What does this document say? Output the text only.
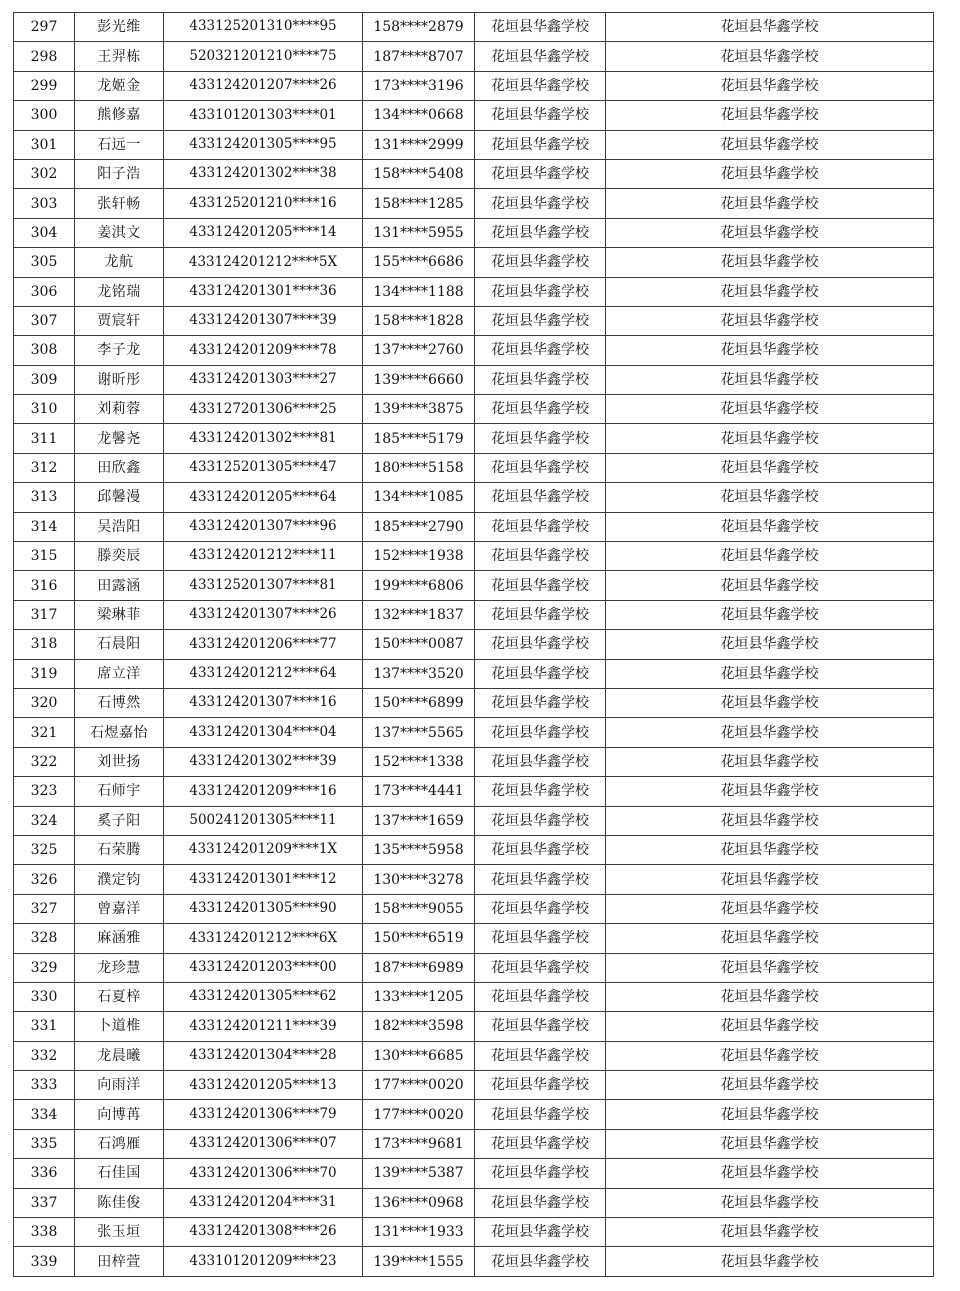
297	彭光维	433125201310****95	158****2879	花垣县华鑫学校	花垣县华鑫学校
298	王羿栋	520321201210****75	187****8707	花垣县华鑫学校	花垣县华鑫学校
299	龙姬金	433124201207****26	173****3196	花垣县华鑫学校	花垣县华鑫学校
300	熊修嘉	433101201303****01	134****0668	花垣县华鑫学校	花垣县华鑫学校
301	石远一	433124201305****95	131****2999	花垣县华鑫学校	花垣县华鑫学校
302	阳子浩	433124201302****38	158****5408	花垣县华鑫学校	花垣县华鑫学校
303	张轩畅	433125201210****16	158****1285	花垣县华鑫学校	花垣县华鑫学校
304	姜淇文	433124201205****14	131****5955	花垣县华鑫学校	花垣县华鑫学校
305	龙航	433124201212****5X	155****6686	花垣县华鑫学校	花垣县华鑫学校
306	龙铭瑞	433124201301****36	134****1188	花垣县华鑫学校	花垣县华鑫学校
307	贾宸轩	433124201307****39	158****1828	花垣县华鑫学校	花垣县华鑫学校
308	李子龙	433124201209****78	137****2760	花垣县华鑫学校	花垣县华鑫学校
309	谢昕彤	433124201303****27	139****6660	花垣县华鑫学校	花垣县华鑫学校
310	刘莉蓉	433127201306****25	139****3875	花垣县华鑫学校	花垣县华鑫学校
311	龙馨尧	433124201302****81	185****5179	花垣县华鑫学校	花垣县华鑫学校
312	田欣鑫	433125201305****47	180****5158	花垣县华鑫学校	花垣县华鑫学校
313	邱馨漫	433124201205****64	134****1085	花垣县华鑫学校	花垣县华鑫学校
314	吴浩阳	433124201307****96	185****2790	花垣县华鑫学校	花垣县华鑫学校
315	滕奕辰	433124201212****11	152****1938	花垣县华鑫学校	花垣县华鑫学校
316	田露涵	433125201307****81	199****6806	花垣县华鑫学校	花垣县华鑫学校
317	梁琳菲	433124201307****26	132****1837	花垣县华鑫学校	花垣县华鑫学校
318	石晨阳	433124201206****77	150****0087	花垣县华鑫学校	花垣县华鑫学校
319	席立洋	433124201212****64	137****3520	花垣县华鑫学校	花垣县华鑫学校
320	石博然	433124201307****16	150****6899	花垣县华鑫学校	花垣县华鑫学校
321	石煜嘉怡	433124201304****04	137****5565	花垣县华鑫学校	花垣县华鑫学校
322	刘世扬	433124201302****39	152****1338	花垣县华鑫学校	花垣县华鑫学校
323	石师宇	433124201209****16	173****4441	花垣县华鑫学校	花垣县华鑫学校
324	奚子阳	500241201305****11	137****1659	花垣县华鑫学校	花垣县华鑫学校
325	石荣腾	433124201209****1X	135****5958	花垣县华鑫学校	花垣县华鑫学校
326	濮定钧	433124201301****12	130****3278	花垣县华鑫学校	花垣县华鑫学校
327	曾嘉洋	433124201305****90	158****9055	花垣县华鑫学校	花垣县华鑫学校
328	麻涵雅	433124201212****6X	150****6519	花垣县华鑫学校	花垣县华鑫学校
329	龙珍慧	433124201203****00	187****6989	花垣县华鑫学校	花垣县华鑫学校
330	石夏梓	433124201305****62	133****1205	花垣县华鑫学校	花垣县华鑫学校
331	卜道椎	433124201211****39	182****3598	花垣县华鑫学校	花垣县华鑫学校
332	龙晨曦	433124201304****28	130****6685	花垣县华鑫学校	花垣县华鑫学校
333	向雨洋	433124201205****13	177****0020	花垣县华鑫学校	花垣县华鑫学校
334	向博苒	433124201306****79	177****0020	花垣县华鑫学校	花垣县华鑫学校
335	石鸿雁	433124201306****07	173****9681	花垣县华鑫学校	花垣县华鑫学校
336	石佳国	433124201306****70	139****5387	花垣县华鑫学校	花垣县华鑫学校
337	陈佳俊	433124201204****31	136****0968	花垣县华鑫学校	花垣县华鑫学校
338	张玉垣	433124201308****26	131****1933	花垣县华鑫学校	花垣县华鑫学校
339	田梓萱	433101201209****23	139****1555	花垣县华鑫学校	花垣县华鑫学校
